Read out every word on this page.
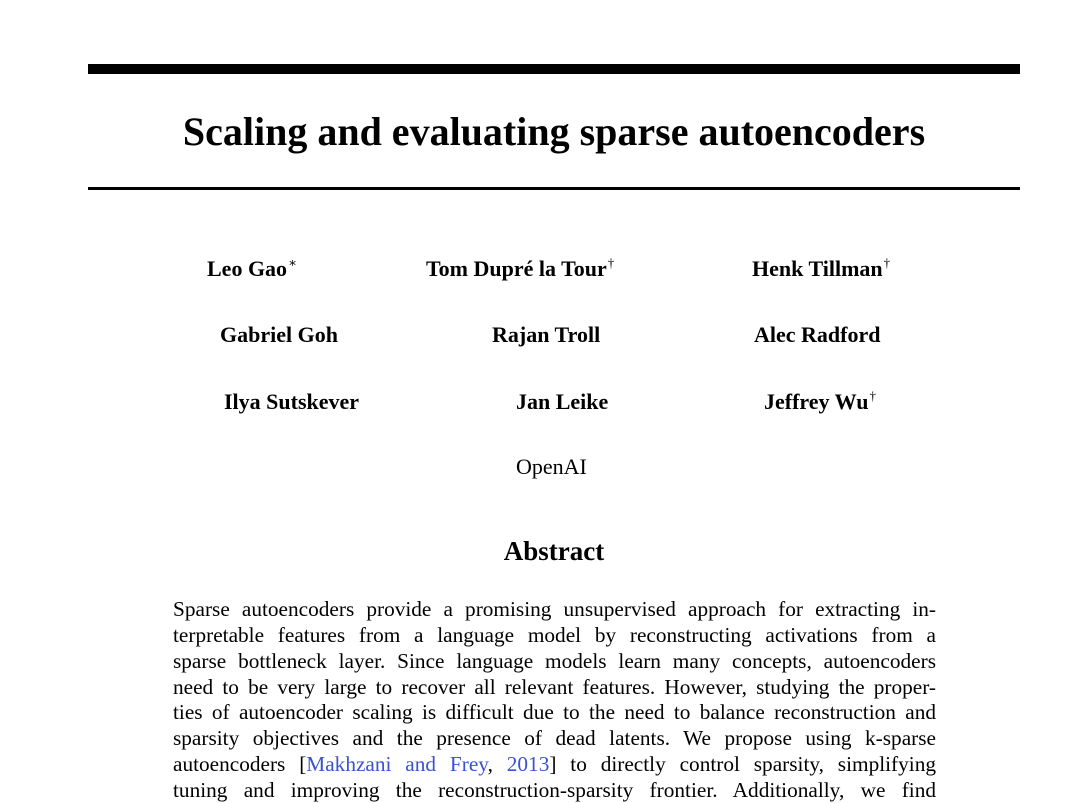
Scaling and evaluating sparse autoencoders
Leo Gao∗	Tom Dupré la Tour†	Henk Tillman†
Gabriel Goh	Rajan Troll	Alec Radford
Ilya Sutskever	Jan Leike	Jeffrey Wu†
OpenAI
Abstract
Sparse autoencoders provide a promising unsupervised approach for extracting in-
terpretable features from a language model by reconstructing activations from a
sparse bottleneck layer. Since language models learn many concepts, autoencoders
need to be very large to recover all relevant features. However, studying the proper-
ties of autoencoder scaling is difficult due to the need to balance reconstruction and
sparsity objectives and the presence of dead latents. We propose using k-sparse
autoencoders [Makhzani and Frey, 2013] to directly control sparsity, simplifying
tuning and improving the reconstruction-sparsity frontier. Additionally, we find
